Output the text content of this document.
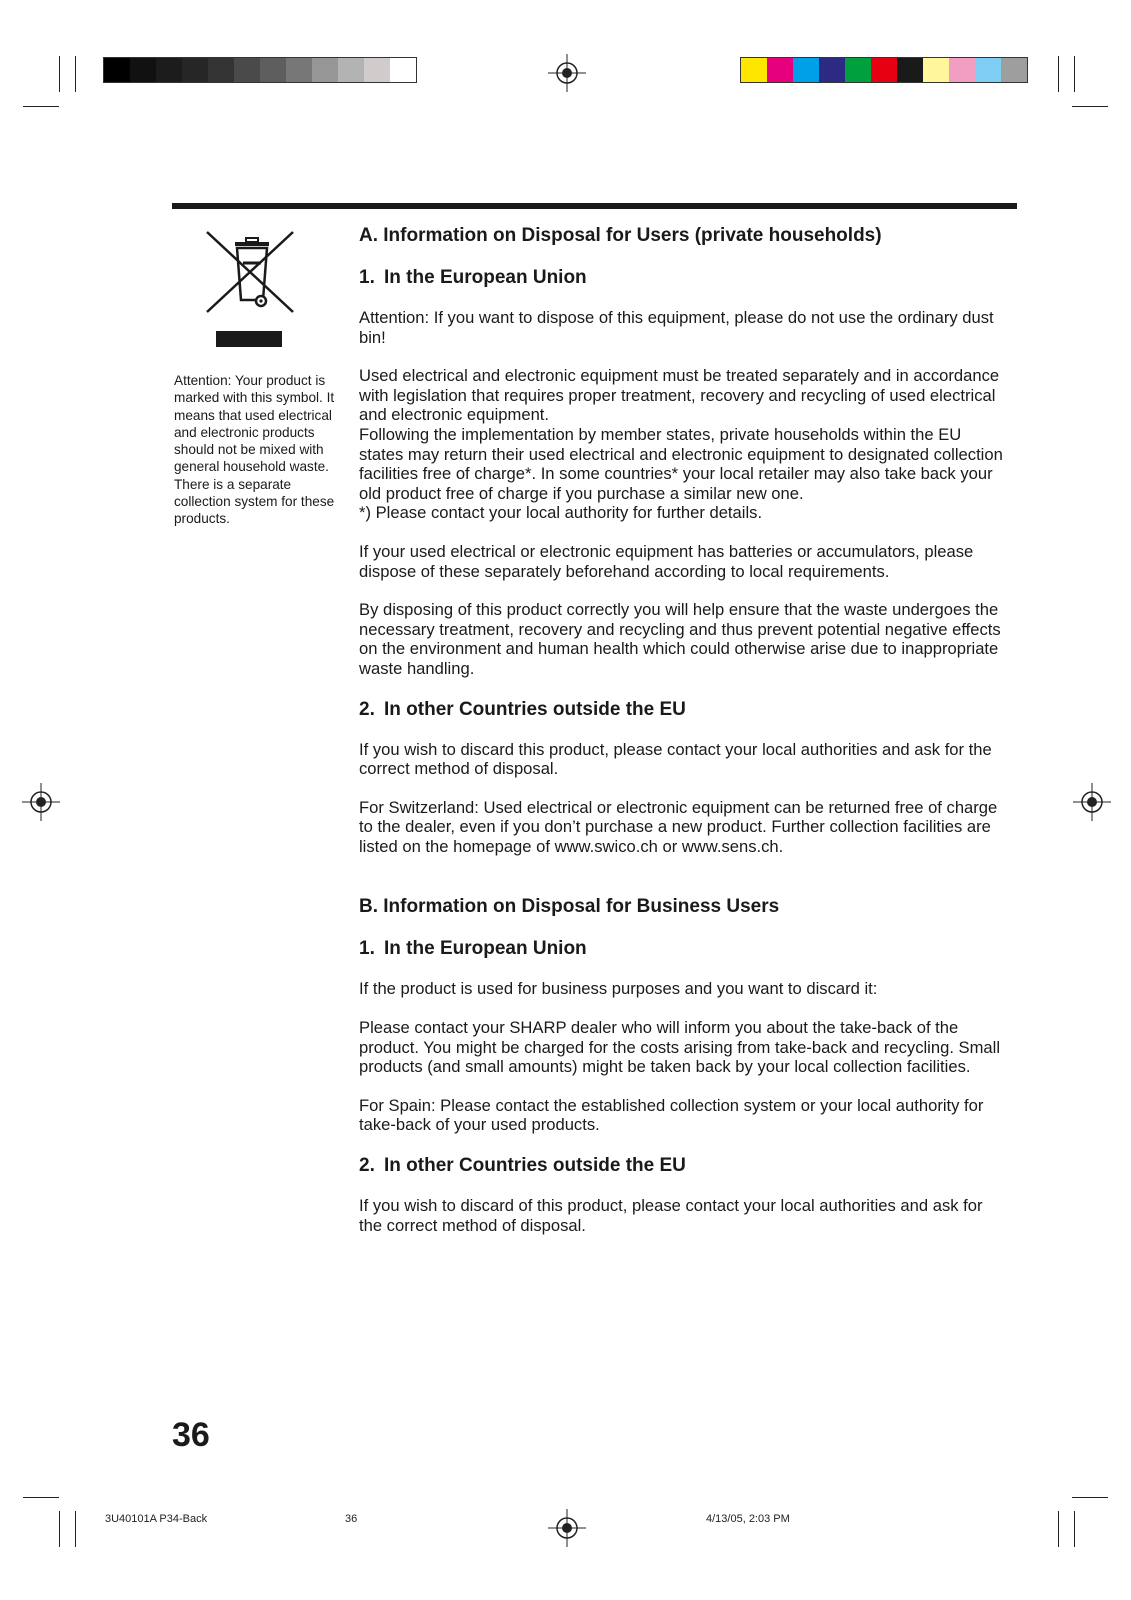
Attention: Your product is marked with this symbol. It means that used electrical and electronic products should not be mixed with general household waste. There is a separate collection system for these products.
A. Information on Disposal for Users (private households)
1. In the European Union

Attention: If you want to dispose of this equipment, please do not use the ordinary dust bin!

Used electrical and electronic equipment must be treated separately and in accordance with legislation that requires proper treatment, recovery and recycling of used electrical and electronic equipment.
Following the implementation by member states, private households within the EU states may return their used electrical and electronic equipment to designated collection facilities free of charge*. In some countries* your local retailer may also take back your old product free of charge if you purchase a similar new one.
*) Please contact your local authority for further details.

If your used electrical or electronic equipment has batteries or accumulators, please dispose of these separately beforehand according to local requirements.

By disposing of this product correctly you will help ensure that the waste undergoes the necessary treatment, recovery and recycling and thus prevent potential negative effects on the environment and human health which could otherwise arise due to inappropriate waste handling.

2. In other Countries outside the EU

If you wish to discard this product, please contact your local authorities and ask for the correct method of disposal.

For Switzerland: Used electrical or electronic equipment can be returned free of charge to the dealer, even if you don’t purchase a new product. Further collection facilities are listed on the homepage of www.swico.ch or www.sens.ch.

B. Information on Disposal for Business Users
1. In the European Union

If the product is used for business purposes and you want to discard it:

Please contact your SHARP dealer who will inform you about the take-back of the product. You might be charged for the costs arising from take-back and recycling. Small products (and small amounts) might be taken back by your local collection facilities.

For Spain: Please contact the established collection system or your local authority for take-back of your used products.

2. In other Countries outside the EU

If you wish to discard of this product, please contact your local authorities and ask for the correct method of disposal.

36
3U40101A P34-Back	36	4/13/05, 2:03 PM
